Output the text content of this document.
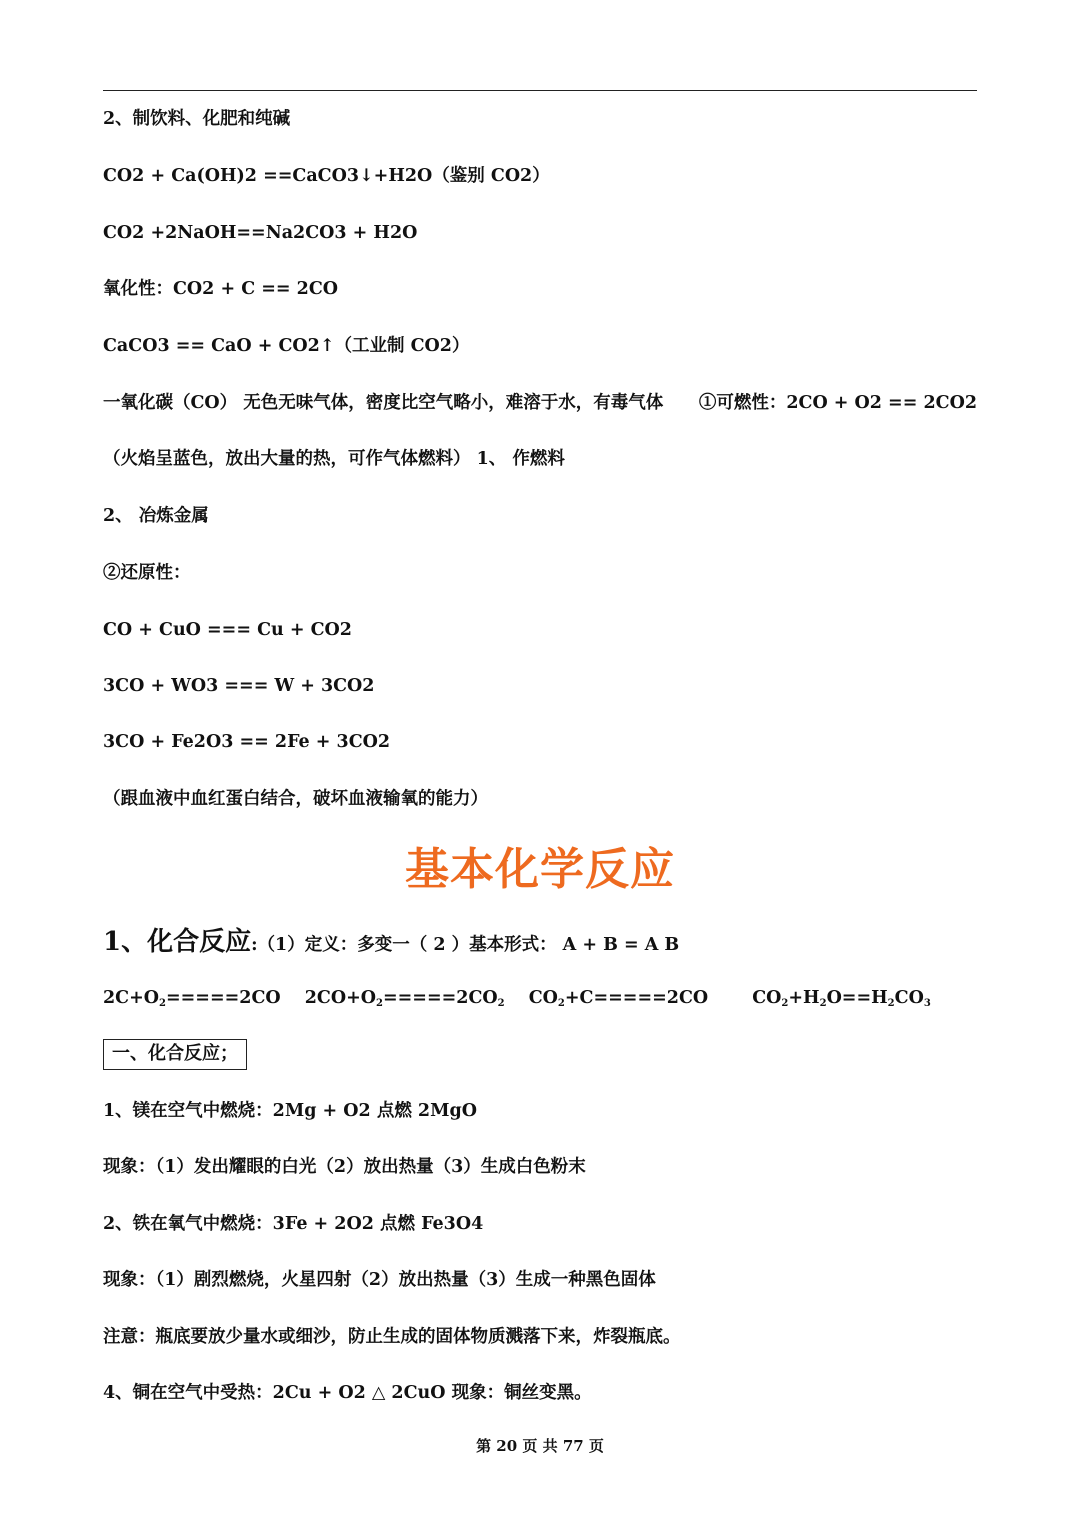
2、制饮料、化肥和纯碱
CO2 + Ca(OH)2 ==CaCO3↓+H2O（鉴别 CO2）
CO2 +2NaOH==Na2CO3 + H2O
氧化性：CO2 + C == 2CO
CaCO3 == CaO + CO2↑（工业制 CO2）
一氧化碳（CO） 无色无味气体，密度比空气略小，难溶于水，有毒气体 ①可燃性：2CO + O2 == 2CO2
（火焰呈蓝色，放出大量的热，可作气体燃料） 1、 作燃料
2、 冶炼金属
②还原性：
CO + CuO === Cu + CO2
3CO + WO3 === W + 3CO2
3CO + Fe2O3 == 2Fe + 3CO2
（跟血液中血红蛋白结合，破坏血液输氧的能力）
基本化学反应
1、化合反应:（1）定义：多变一（ 2 ）基本形式： A + B = A B
$2C+O_2=====2CO$ $2CO+O_2=====2CO_2$ $CO_2+C=====2CO$	$CO_2+H_2O==H_2CO_3$
一、化合反应；
1、镁在空气中燃烧：2Mg + O2 点燃 2MgO
现象：（1）发出耀眼的白光（2）放出热量（3）生成白色粉末
2、铁在氧气中燃烧：3Fe + 2O2 点燃 Fe3O4
现象：（1）剧烈燃烧，火星四射（2）放出热量（3）生成一种黑色固体
注意：瓶底要放少量水或细沙，防止生成的固体物质溅落下来，炸裂瓶底。
4、铜在空气中受热：2Cu + O2 △ 2CuO 现象：铜丝变黑。
第 20 页 共 77 页
